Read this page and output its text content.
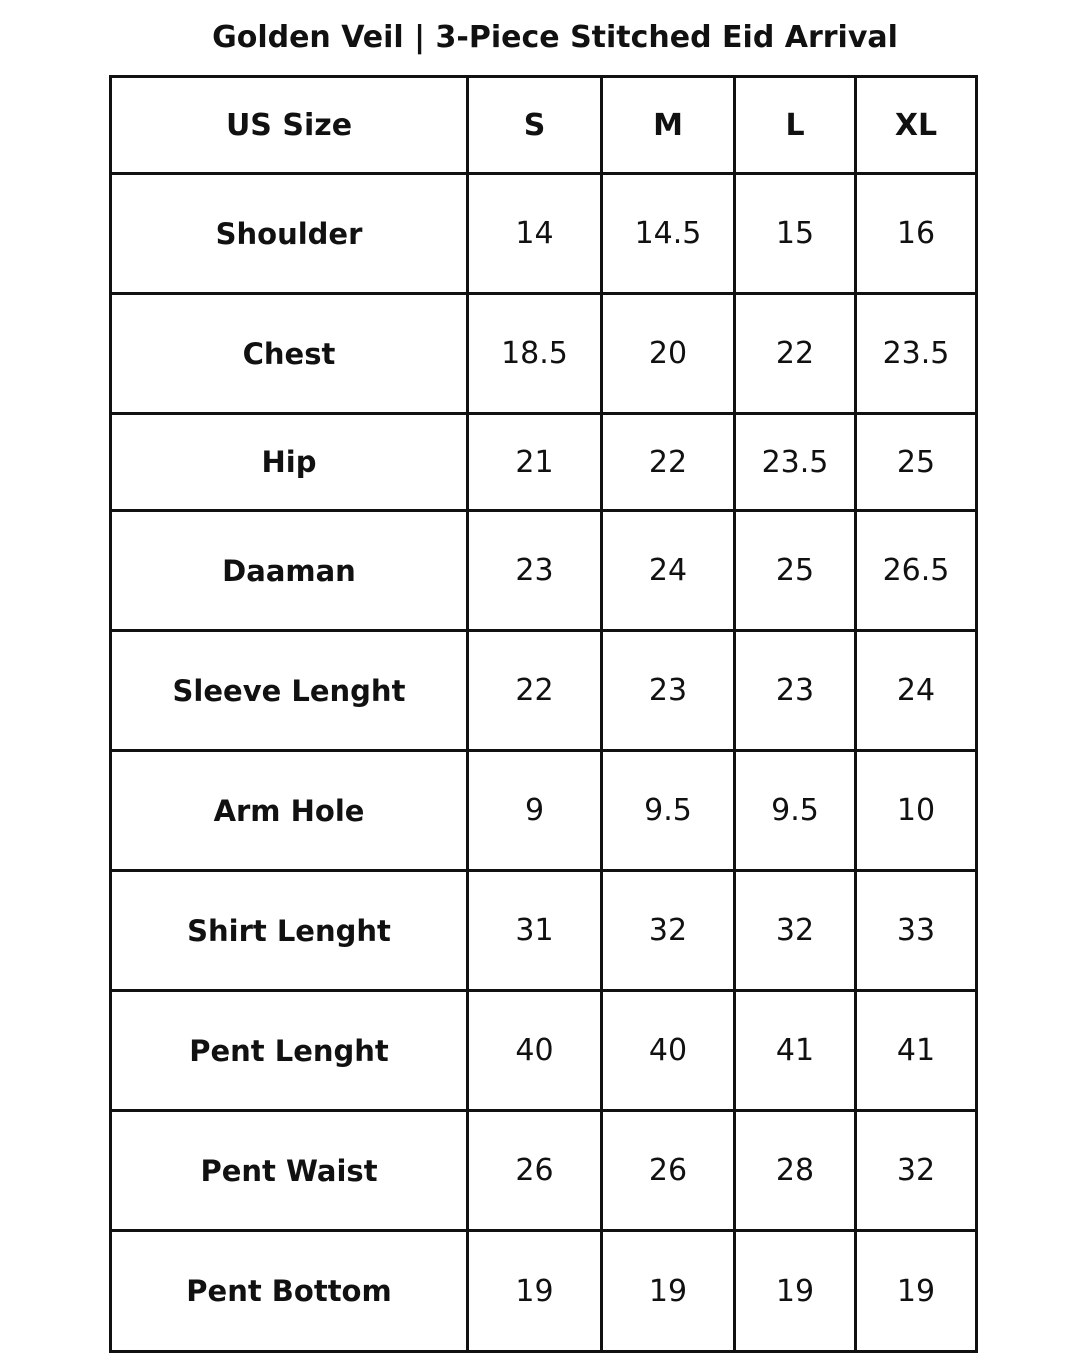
Golden Veil | 3-Piece Stitched Eid Arrival
US Size	S	M	L	XL
Shoulder	14	14.5	15	16
Chest	18.5	20	22	23.5
Hip	21	22	23.5	25
Daaman	23	24	25	26.5
Sleeve Lenght	22	23	23	24
Arm Hole	9	9.5	9.5	10
Shirt Lenght	31	32	32	33
Pent Lenght	40	40	41	41
Pent Waist	26	26	28	32
Pent Bottom	19	19	19	19
